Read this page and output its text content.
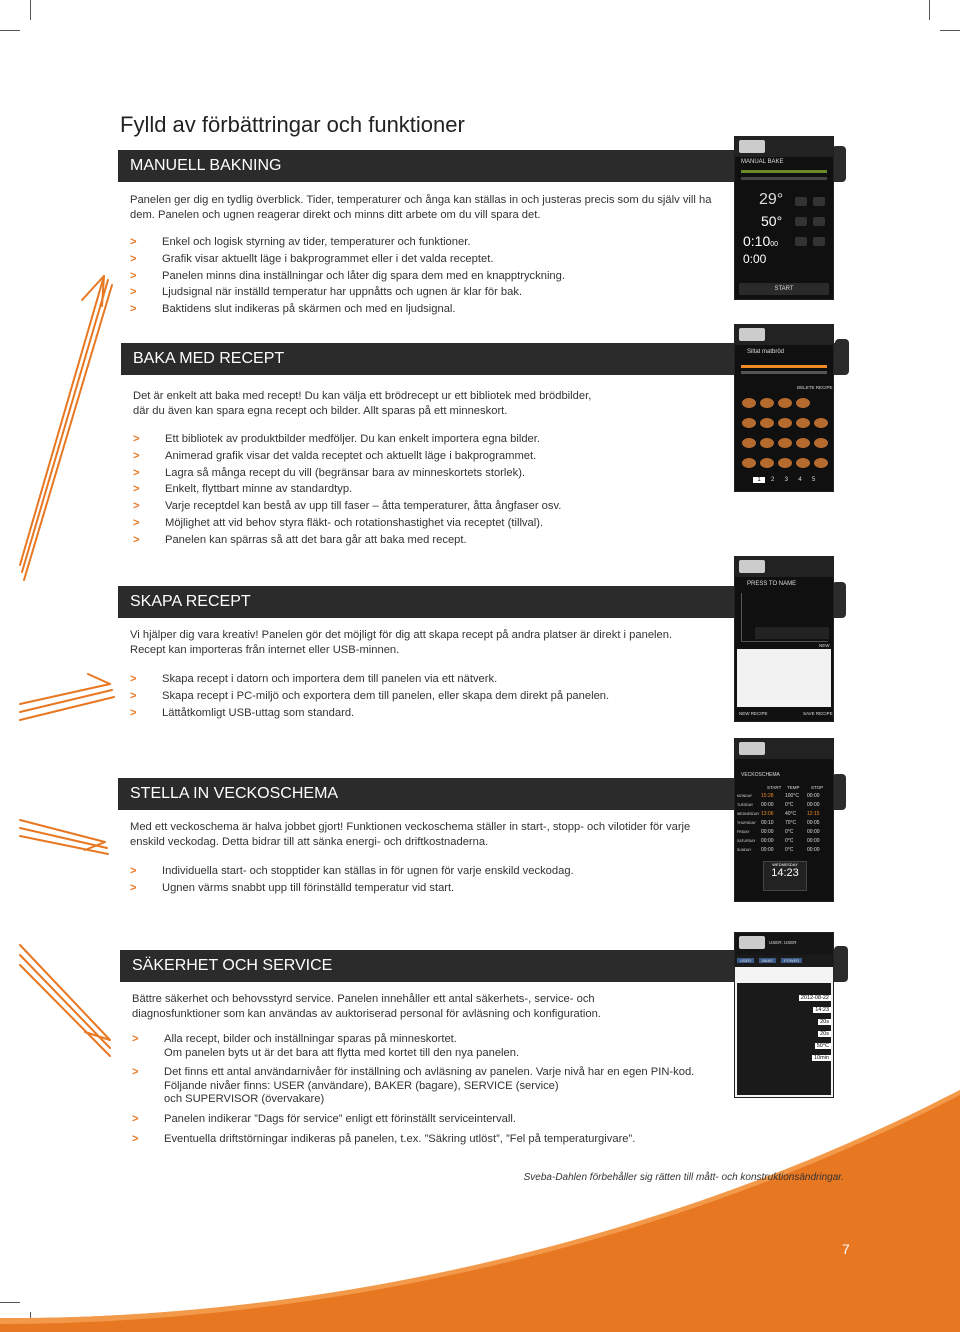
Fylld av förbättringar och funktioner
MANUELL BAKNING
Panelen ger dig en tydlig överblick. Tider, temperaturer och ånga kan ställas in och justeras precis som du själv vill ha dem. Panelen och ugnen reagerar direkt och minns ditt arbete om du vill spara det.
> Enkel och logisk styrning av tider, temperaturer och funktioner.
> Grafik visar aktuellt läge i bakprogrammet eller i det valda receptet.
> Panelen minns dina inställningar och låter dig spara dem med en knapptryckning.
> Ljudsignal när inställd temperatur har uppnåtts och ugnen är klar för bak.
> Baktidens slut indikeras på skärmen och med en ljudsignal.
MANUAL BAKE
29°
50°
0:1000
0:00
START
BAKA MED RECEPT
Det är enkelt att baka med recept! Du kan välja ett brödrecept ur ett bibliotek med brödbilder,
där du även kan spara egna recept och bilder. Allt sparas på ett minneskort.
> Ett bibliotek av produktbilder medföljer. Du kan enkelt importera egna bilder.
> Animerad grafik visar det valda receptet och aktuellt läge i bakprogrammet.
> Lagra så många recept du vill (begränsar bara av minneskortets storlek).
> Enkelt, flyttbart minne av standardtyp.
> Varje receptdel kan bestå av upp till faser – åtta temperaturer, åtta ångfaser osv.
> Möjlighet att vid behov styra fläkt- och rotationshastighet via receptet (tillval).
> Panelen kan spärras så att det bara går att baka med recept.
Siltat matbröd
DELETE RECIPE
1 2 3 4 5
SKAPA RECEPT
Vi hjälper dig vara kreativ! Panelen gör det möjligt för dig att skapa recept på andra platser är direkt i panelen.
Recept kan importeras från internet eller USB-minnen.
> Skapa recept i datorn och importera dem till panelen via ett nätverk.
> Skapa recept i PC-miljö och exportera dem till panelen, eller skapa dem direkt på panelen.
> Lättåtkomligt USB-uttag som standard.
PRESS TO NAME
NEW
NEW RECIPE	SAVE RECIPE
STELLA IN VECKOSCHEMA
Med ett veckoschema är halva jobbet gjort! Funktionen veckoschema ställer in start-, stopp- och vilotider för varje
enskild veckodag. Detta bidrar till att sänka energi- och driftkostnaderna.
> Individuella start- och stopptider kan ställas in för ugnen för varje enskild veckodag.
> Ugnen värms snabbt upp till förinställd temperatur vid start.
VECKOSCHEMA
START TEMP	STOP
MONDAY 15:28 100°C 00:00
TUESDAY 00:00 0°C	00:00
WEDNESDAY 13:06 40°C 12:15
THURSDAY 00:10 70°C 00:05
FRIDAY 00:00 0°C	00:00
SATURDAY 00:00 0°C	00:00
SUNDAY 00:00 0°C	00:00
WEDNESDAY
14:23
SÄKERHET OCH SERVICE
Bättre säkerhet och behovsstyrd service. Panelen innehåller ett antal säkerhets-, service- och
diagnosfunktioner som kan användas av auktoriserad personal för avläsning och konfiguration.
> Alla recept, bilder och inställningar sparas på minneskortet.
Om panelen byts ut är det bara att flytta med kortet till den nya panelen.
> Det finns ett antal användarnivåer för inställning och avläsning av panelen. Varje nivå har en egen PIN-kod.
Följande nivåer finns: USER (användare), BAKER (bagare), SERVICE (service)
och SUPERVISOR (övervakare)
> Panelen indikerar ”Dags för service” enligt ett förinställt serviceintervall.
> Eventuella driftstörningar indikeras på panelen, t.ex. ”Säkring utlöst”, ”Fel på temperaturgivare”.
USER: USER
USER	BAKE	POWER
2012-08-22
14:23
20s
20s
50°C
10min
Sveba-Dahlen förbehåller sig rätten till mått- och konstruktionsändringar.
7
